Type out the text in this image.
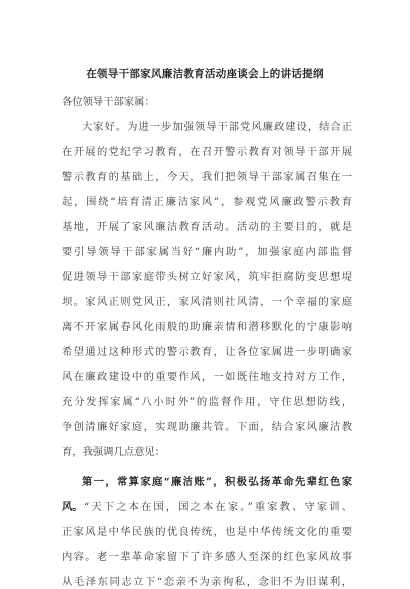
在领导干部家风廉洁教育活动座谈会上的讲话提纲
各位领导干部家属：
大家好。为进一步加强领导干部党风廉政建设，结合正
在开展的党纪学习教育，在召开警示教育对领导干部开展
警示教育的基础上，今天，我们把领导干部家属召集在一
起，围绕“培育清正廉洁家风”，参观党风廉政警示教育
基地，开展了家风廉洁教育活动。活动的主要目的，就是
要引导领导干部家属当好“廉内助”，加强家庭内部监督
促进领导干部家庭带头树立好家风，筑牢拒腐防变思想堤
坝。家风正则党风正，家风清则社风清，一个幸福的家庭
离不开家属春风化雨般的助廉亲情和潜移默化的宁康影响
希望通过这种形式的警示教育，让各位家属进一步明确家
风在廉政建设中的重要作风，一如既往地支持对方工作，
充分发挥家属“八小时外”的监督作用，守住思想防线，
争创清廉好家庭，实现助廉共管。下面，结合家风廉洁教
育，我强调几点意见：
第一，常算家庭“廉洁账”，积极弘扬革命先辈红色家
风。 “天下之本在国，国之本在家。”重家教、守家训、
正家风是中华民族的优良传统，也是中华传统文化的重要
内容。老一辈革命家留下了许多感人至深的红色家风故事
从毛泽东同志立下“恋亲不为亲徇私，念旧不为旧谋利，
